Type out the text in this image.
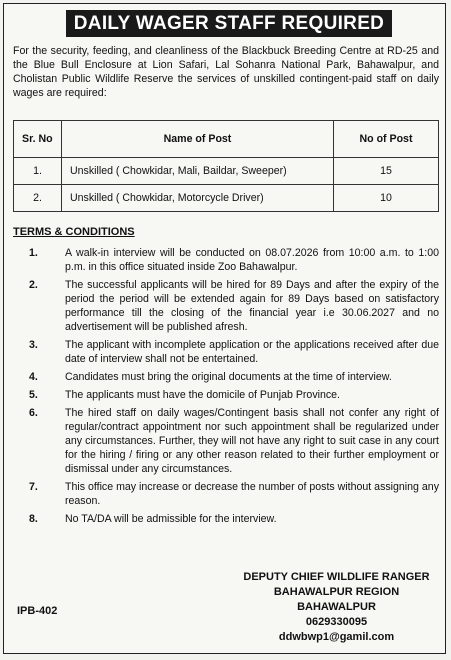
DAILY WAGER STAFF REQUIRED
For the security, feeding, and cleanliness of the Blackbuck Breeding Centre at RD-25 and the Blue Bull Enclosure at Lion Safari, Lal Sohanra National Park, Bahawalpur, and Cholistan Public Wildlife Reserve the services of unskilled contingent-paid staff on daily wages are required:
Sr. No	Name of Post	No of Post
1.	Unskilled ( Chowkidar, Mali, Baildar, Sweeper)	15
2.	Unskilled ( Chowkidar, Motorcycle Driver)	10
TERMS & CONDITIONS
1.	A walk-in interview will be conducted on 08.07.2026 from 10:00 a.m. to 1:00 p.m. in this office situated inside Zoo Bahawalpur.
2.	The successful applicants will be hired for 89 Days and after the expiry of the period the period will be extended again for 89 Days based on satisfactory performance till the closing of the financial year i.e 30.06.2027 and no advertisement will be published afresh.
3.	The applicant with incomplete application or the applications received after due date of interview shall not be entertained.
4.	Candidates must bring the original documents at the time of interview.
5.	The applicants must have the domicile of Punjab Province.
6.	The hired staff on daily wages/Contingent basis shall not confer any right of regular/contract appointment nor such appointment shall be regularized under any circumstances. Further, they will not have any right to suit case in any court for the hiring / firing or any other reason related to their further employment or dismissal under any circumstances.
7.	This office may increase or decrease the number of posts without assigning any reason.
8.	No TA/DA will be admissible for the interview.
DEPUTY CHIEF WILDLIFE RANGER
BAHAWALPUR REGION
BAHAWALPUR
0629330095
ddwbwp1@gamil.com
IPB-402
